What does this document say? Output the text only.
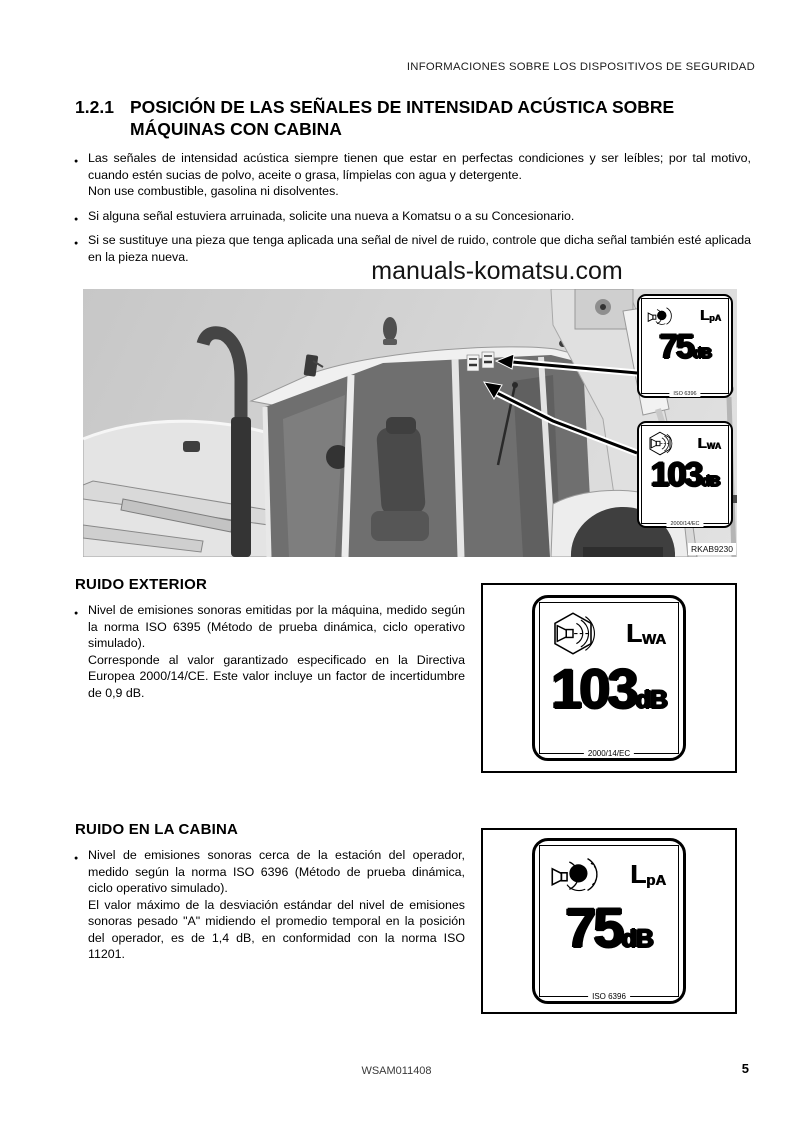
INFORMACIONES SOBRE LOS DISPOSITIVOS DE SEGURIDAD
1.2.1 POSICIÓN DE LAS SEÑALES DE INTENSIDAD ACÚSTICA SOBRE
MÁQUINAS CON CABINA
● Las señales de intensidad acústica siempre tienen que estar en perfectas condiciones y ser leíbles; por tal motivo, cuando estén sucias de polvo, aceite o grasa, límpielas con agua y detergente.
Non use combustible, gasolina ni disolventes.
● Si alguna señal estuviera arruinada, solicite una nueva a Komatsu o a su Concesionario.
● Si se sustituye una pieza que tenga aplicada una señal de nivel de ruido, controle que dicha señal también esté aplicada en la pieza nueva.
manuals-komatsu.com
LpA
75dB
ISO 6396
LWA
103dB
2000/14/EC
RKAB9230
RUIDO EXTERIOR
● Nivel de emisiones sonoras emitidas por la máquina, medido según la norma ISO 6395 (Método de prueba dinámica, ciclo operativo simulado).
Corresponde al valor garantizado especificado en la Directiva Europea 2000/14/CE. Este valor incluye un factor de incertidumbre de 0,9 dB.
LWA
103dB
2000/14/EC
RUIDO EN LA CABINA
● Nivel de emisiones sonoras cerca de la estación del operador, medido según la norma ISO 6396 (Método de prueba dinámica, ciclo operativo simulado).
El valor máximo de la desviación estándar del nivel de emisiones sonoras pesado "A" midiendo el promedio temporal en la posición del operador, es de 1,4 dB, en conformidad con la norma ISO 11201.
LpA
75dB
ISO 6396
WSAM011408	5
